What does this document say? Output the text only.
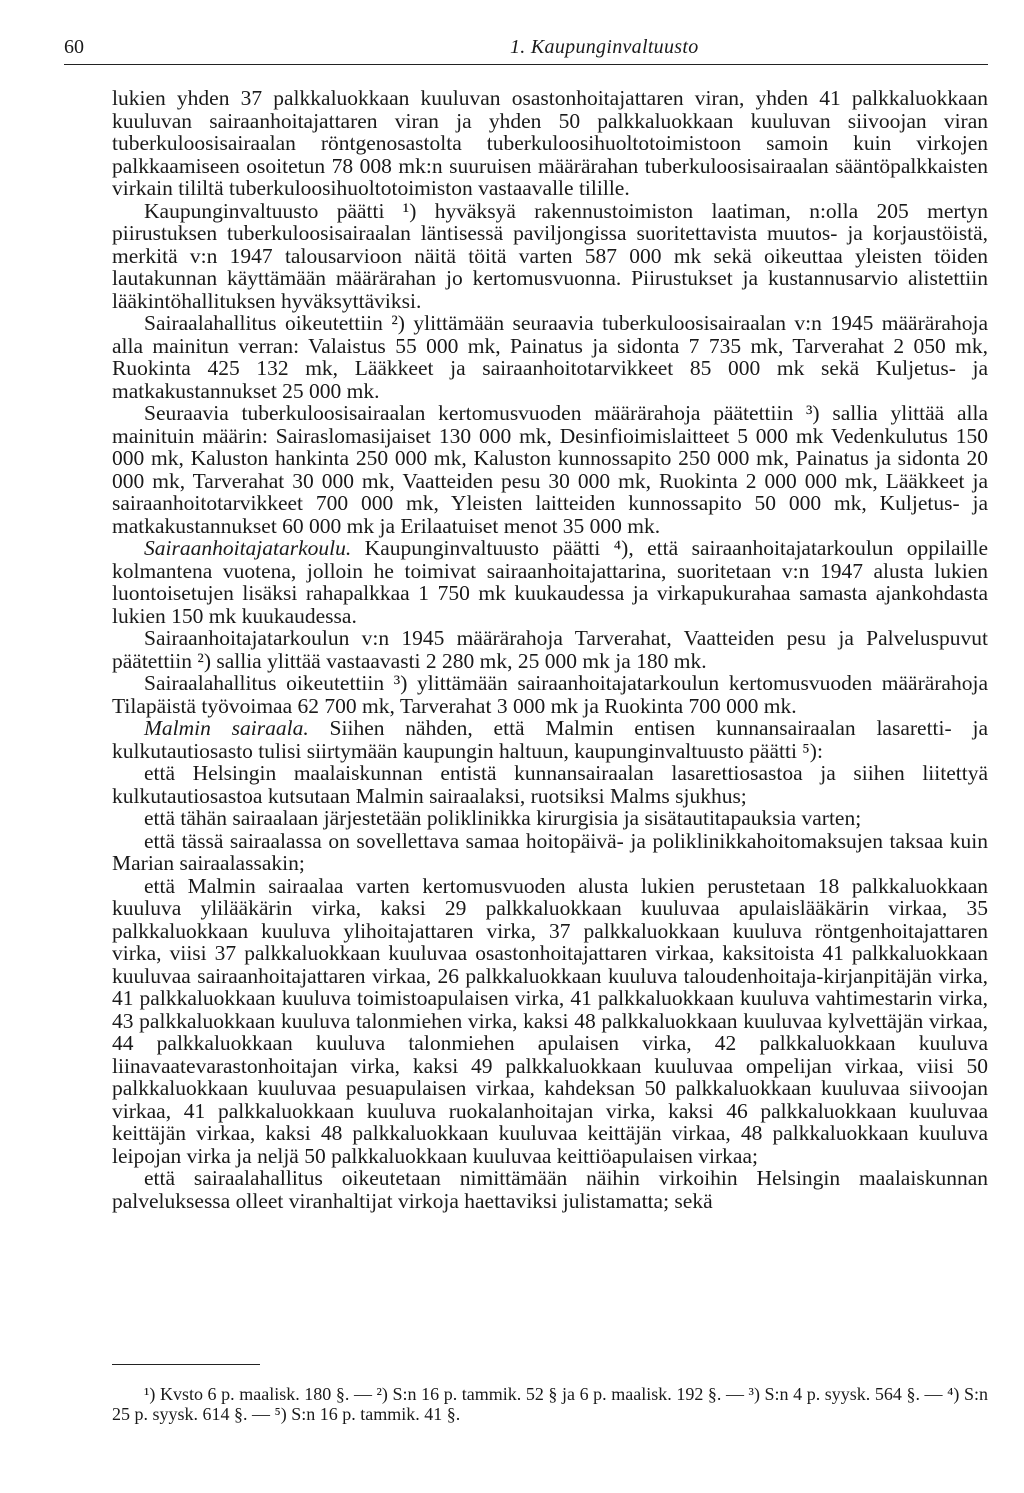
60	1. Kaupunginvaltuusto

lukien yhden 37 palkkaluokkaan kuuluvan osastonhoitajattaren viran, yhden 41 palkkaluokkaan kuuluvan sairaanhoitajattaren viran ja yhden 50 palkkaluokkaan kuuluvan siivoojan viran tuberkuloosisairaalan röntgenosastolta tuberkuloosihuoltotoimistoon samoin kuin virkojen palkkaamiseen osoitetun 78 008 mk:n suuruisen määrärahan tuberkuloosisairaalan sääntöpalkkaisten virkain tililtä tuberkuloosihuoltotoimiston vastaavalle tilille.

Kaupunginvaltuusto päätti ¹) hyväksyä rakennustoimiston laatiman, n:olla 205 mertyn piirustuksen tuberkuloosisairaalan läntisessä paviljongissa suoritettavista muutos- ja korjaustöistä, merkitä v:n 1947 talousarvioon näitä töitä varten 587 000 mk sekä oikeuttaa yleisten töiden lautakunnan käyttämään määrärahan jo kertomusvuonna. Piirustukset ja kustannusarvio alistettiin lääkintöhallituksen hyväksyttäviksi.

Sairaalahallitus oikeutettiin ²) ylittämään seuraavia tuberkuloosisairaalan v:n 1945 määrärahoja alla mainitun verran: Valaistus 55 000 mk, Painatus ja sidonta 7 735 mk, Tarverahat 2 050 mk, Ruokinta 425 132 mk, Lääkkeet ja sairaanhoitotarvikkeet 85 000 mk sekä Kuljetus- ja matkakustannukset 25 000 mk.

Seuraavia tuberkuloosisairaalan kertomusvuoden määrärahoja päätettiin ³) sallia ylittää alla mainituin määrin: Sairaslomasijaiset 130 000 mk, Desinfioimislaitteet 5 000 mk Vedenkulutus 150 000 mk, Kaluston hankinta 250 000 mk, Kaluston kunnossapito 250 000 mk, Painatus ja sidonta 20 000 mk, Tarverahat 30 000 mk, Vaatteiden pesu 30 000 mk, Ruokinta 2 000 000 mk, Lääkkeet ja sairaanhoitotarvikkeet 700 000 mk, Yleisten laitteiden kunnossapito 50 000 mk, Kuljetus- ja matkakustannukset 60 000 mk ja Erilaatuiset menot 35 000 mk.

Sairaanhoitajatarkoulu. Kaupunginvaltuusto päätti ⁴), että sairaanhoitajatarkoulun oppilaille kolmantena vuotena, jolloin he toimivat sairaanhoitajattarina, suoritetaan v:n 1947 alusta lukien luontoisetujen lisäksi rahapalkkaa 1 750 mk kuukaudessa ja virkapukurahaa samasta ajankohdasta lukien 150 mk kuukaudessa.

Sairaanhoitajatarkoulun v:n 1945 määrärahoja Tarverahat, Vaatteiden pesu ja Palveluspuvut päätettiin ²) sallia ylittää vastaavasti 2 280 mk, 25 000 mk ja 180 mk.

Sairaalahallitus oikeutettiin ³) ylittämään sairaanhoitajatarkoulun kertomusvuoden määrärahoja Tilapäistä työvoimaa 62 700 mk, Tarverahat 3 000 mk ja Ruokinta 700 000 mk.

Malmin sairaala. Siihen nähden, että Malmin entisen kunnansairaalan lasaretti- ja kulkutautiosasto tulisi siirtymään kaupungin haltuun, kaupunginvaltuusto päätti ⁵):

että Helsingin maalaiskunnan entistä kunnansairaalan lasarettiosastoa ja siihen liitettyä kulkutautiosastoa kutsutaan Malmin sairaalaksi, ruotsiksi Malms sjukhus;

että tähän sairaalaan järjestetään poliklinikka kirurgisia ja sisätautitapauksia varten;

että tässä sairaalassa on sovellettava samaa hoitopäivä- ja poliklinikkahoitomaksujen taksaa kuin Marian sairaalassakin;

että Malmin sairaalaa varten kertomusvuoden alusta lukien perustetaan 18 palkkaluokkaan kuuluva ylilääkärin virka, kaksi 29 palkkaluokkaan kuuluvaa apulaislääkärin virkaa, 35 palkkaluokkaan kuuluva ylihoitajattaren virka, 37 palkkaluokkaan kuuluva röntgenhoitajattaren virka, viisi 37 palkkaluokkaan kuuluvaa osastonhoitajattaren virkaa, kaksitoista 41 palkkaluokkaan kuuluvaa sairaanhoitajattaren virkaa, 26 palkkaluokkaan kuuluva taloudenhoitaja-kirjanpitäjän virka, 41 palkkaluokkaan kuuluva toimistoapulaisen virka, 41 palkkaluokkaan kuuluva vahtimestarin virka, 43 palkkaluokkaan kuuluva talonmiehen virka, kaksi 48 palkkaluokkaan kuuluvaa kylvettäjän virkaa, 44 palkkaluokkaan kuuluva talonmiehen apulaisen virka, 42 palkkaluokkaan kuuluva liinavaatevarastonhoitajan virka, kaksi 49 palkkaluokkaan kuuluvaa ompelijan virkaa, viisi 50 palkkaluokkaan kuuluvaa pesuapulaisen virkaa, kahdeksan 50 palkkaluokkaan kuuluvaa siivoojan virkaa, 41 palkkaluokkaan kuuluva ruokalanhoitajan virka, kaksi 46 palkkaluokkaan kuuluvaa keittäjän virkaa, kaksi 48 palkkaluokkaan kuuluvaa keittäjän virkaa, 48 palkkaluokkaan kuuluva leipojan virka ja neljä 50 palkkaluokkaan kuuluvaa keittiöapulaisen virkaa;

että sairaalahallitus oikeutetaan nimittämään näihin virkoihin Helsingin maalaiskunnan palveluksessa olleet viranhaltijat virkoja haettaviksi julistamatta; sekä

¹) Kvsto 6 p. maalisk. 180 §. — ²) S:n 16 p. tammik. 52 § ja 6 p. maalisk. 192 §. — ³) S:n 4 p. syysk. 564 §. — ⁴) S:n 25 p. syysk. 614 §. — ⁵) S:n 16 p. tammik. 41 §.
